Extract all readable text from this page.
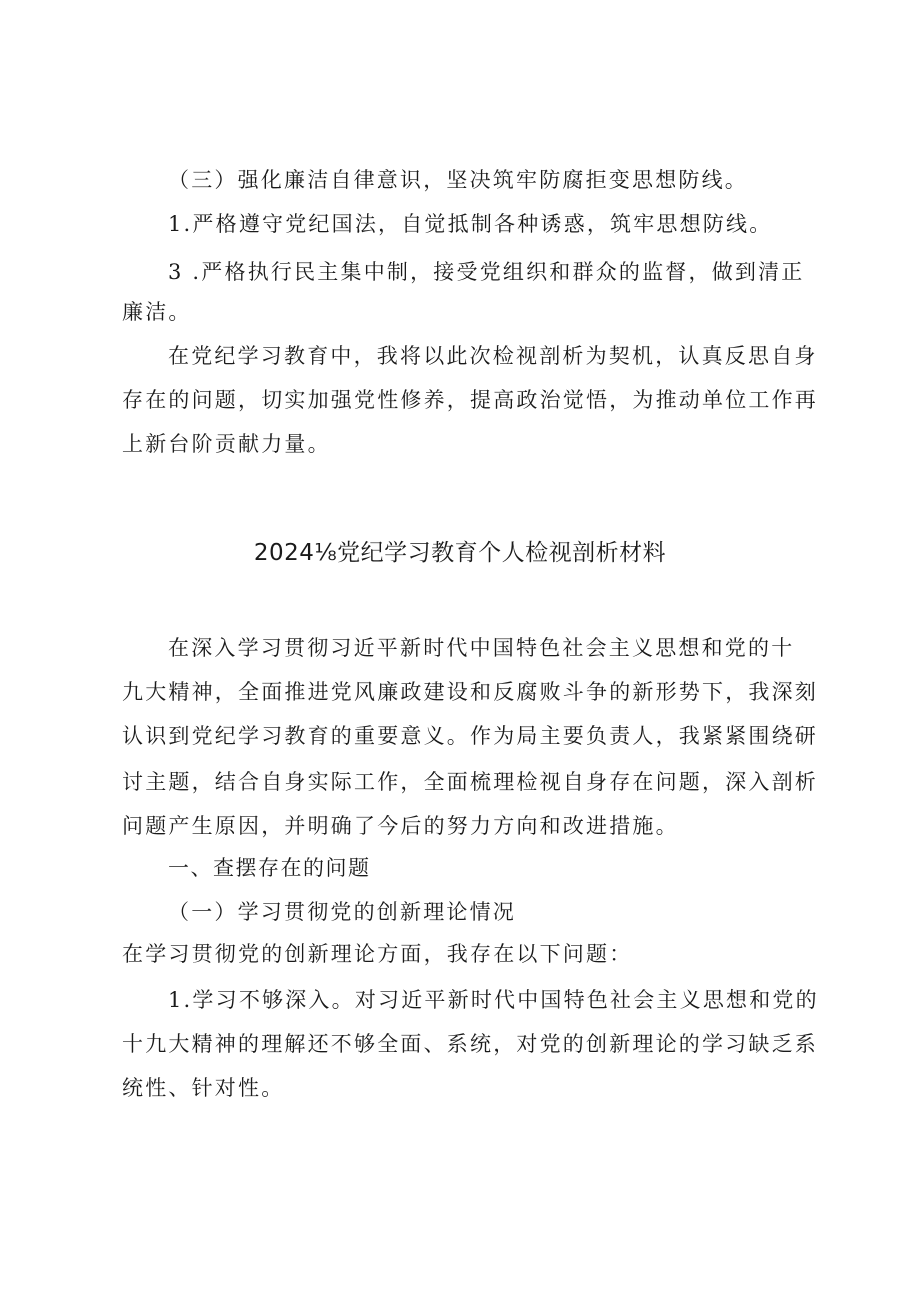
（三）强化廉洁自律意识，坚决筑牢防腐拒变思想防线。
1.严格遵守党纪国法，自觉抵制各种诱惑，筑牢思想防线。
3 .严格执行民主集中制，接受党组织和群众的监督，做到清正
廉洁。
在党纪学习教育中，我将以此次检视剖析为契机，认真反思自身
存在的问题，切实加强党性修养，提高政治觉悟，为推动单位工作再
上新台阶贡献力量。
2024⅛党纪学习教育个人检视剖析材料
在深入学习贯彻习近平新时代中国特色社会主义思想和党的十
九大精神，全面推进党风廉政建设和反腐败斗争的新形势下，我深刻
认识到党纪学习教育的重要意义。作为局主要负责人，我紧紧围绕研
讨主题，结合自身实际工作，全面梳理检视自身存在问题，深入剖析
问题产生原因，并明确了今后的努力方向和改进措施。
一、查摆存在的问题
（一）学习贯彻党的创新理论情况
在学习贯彻党的创新理论方面，我存在以下问题：
1.学习不够深入。对习近平新时代中国特色社会主义思想和党的
十九大精神的理解还不够全面、系统，对党的创新理论的学习缺乏系
统性、针对性。
